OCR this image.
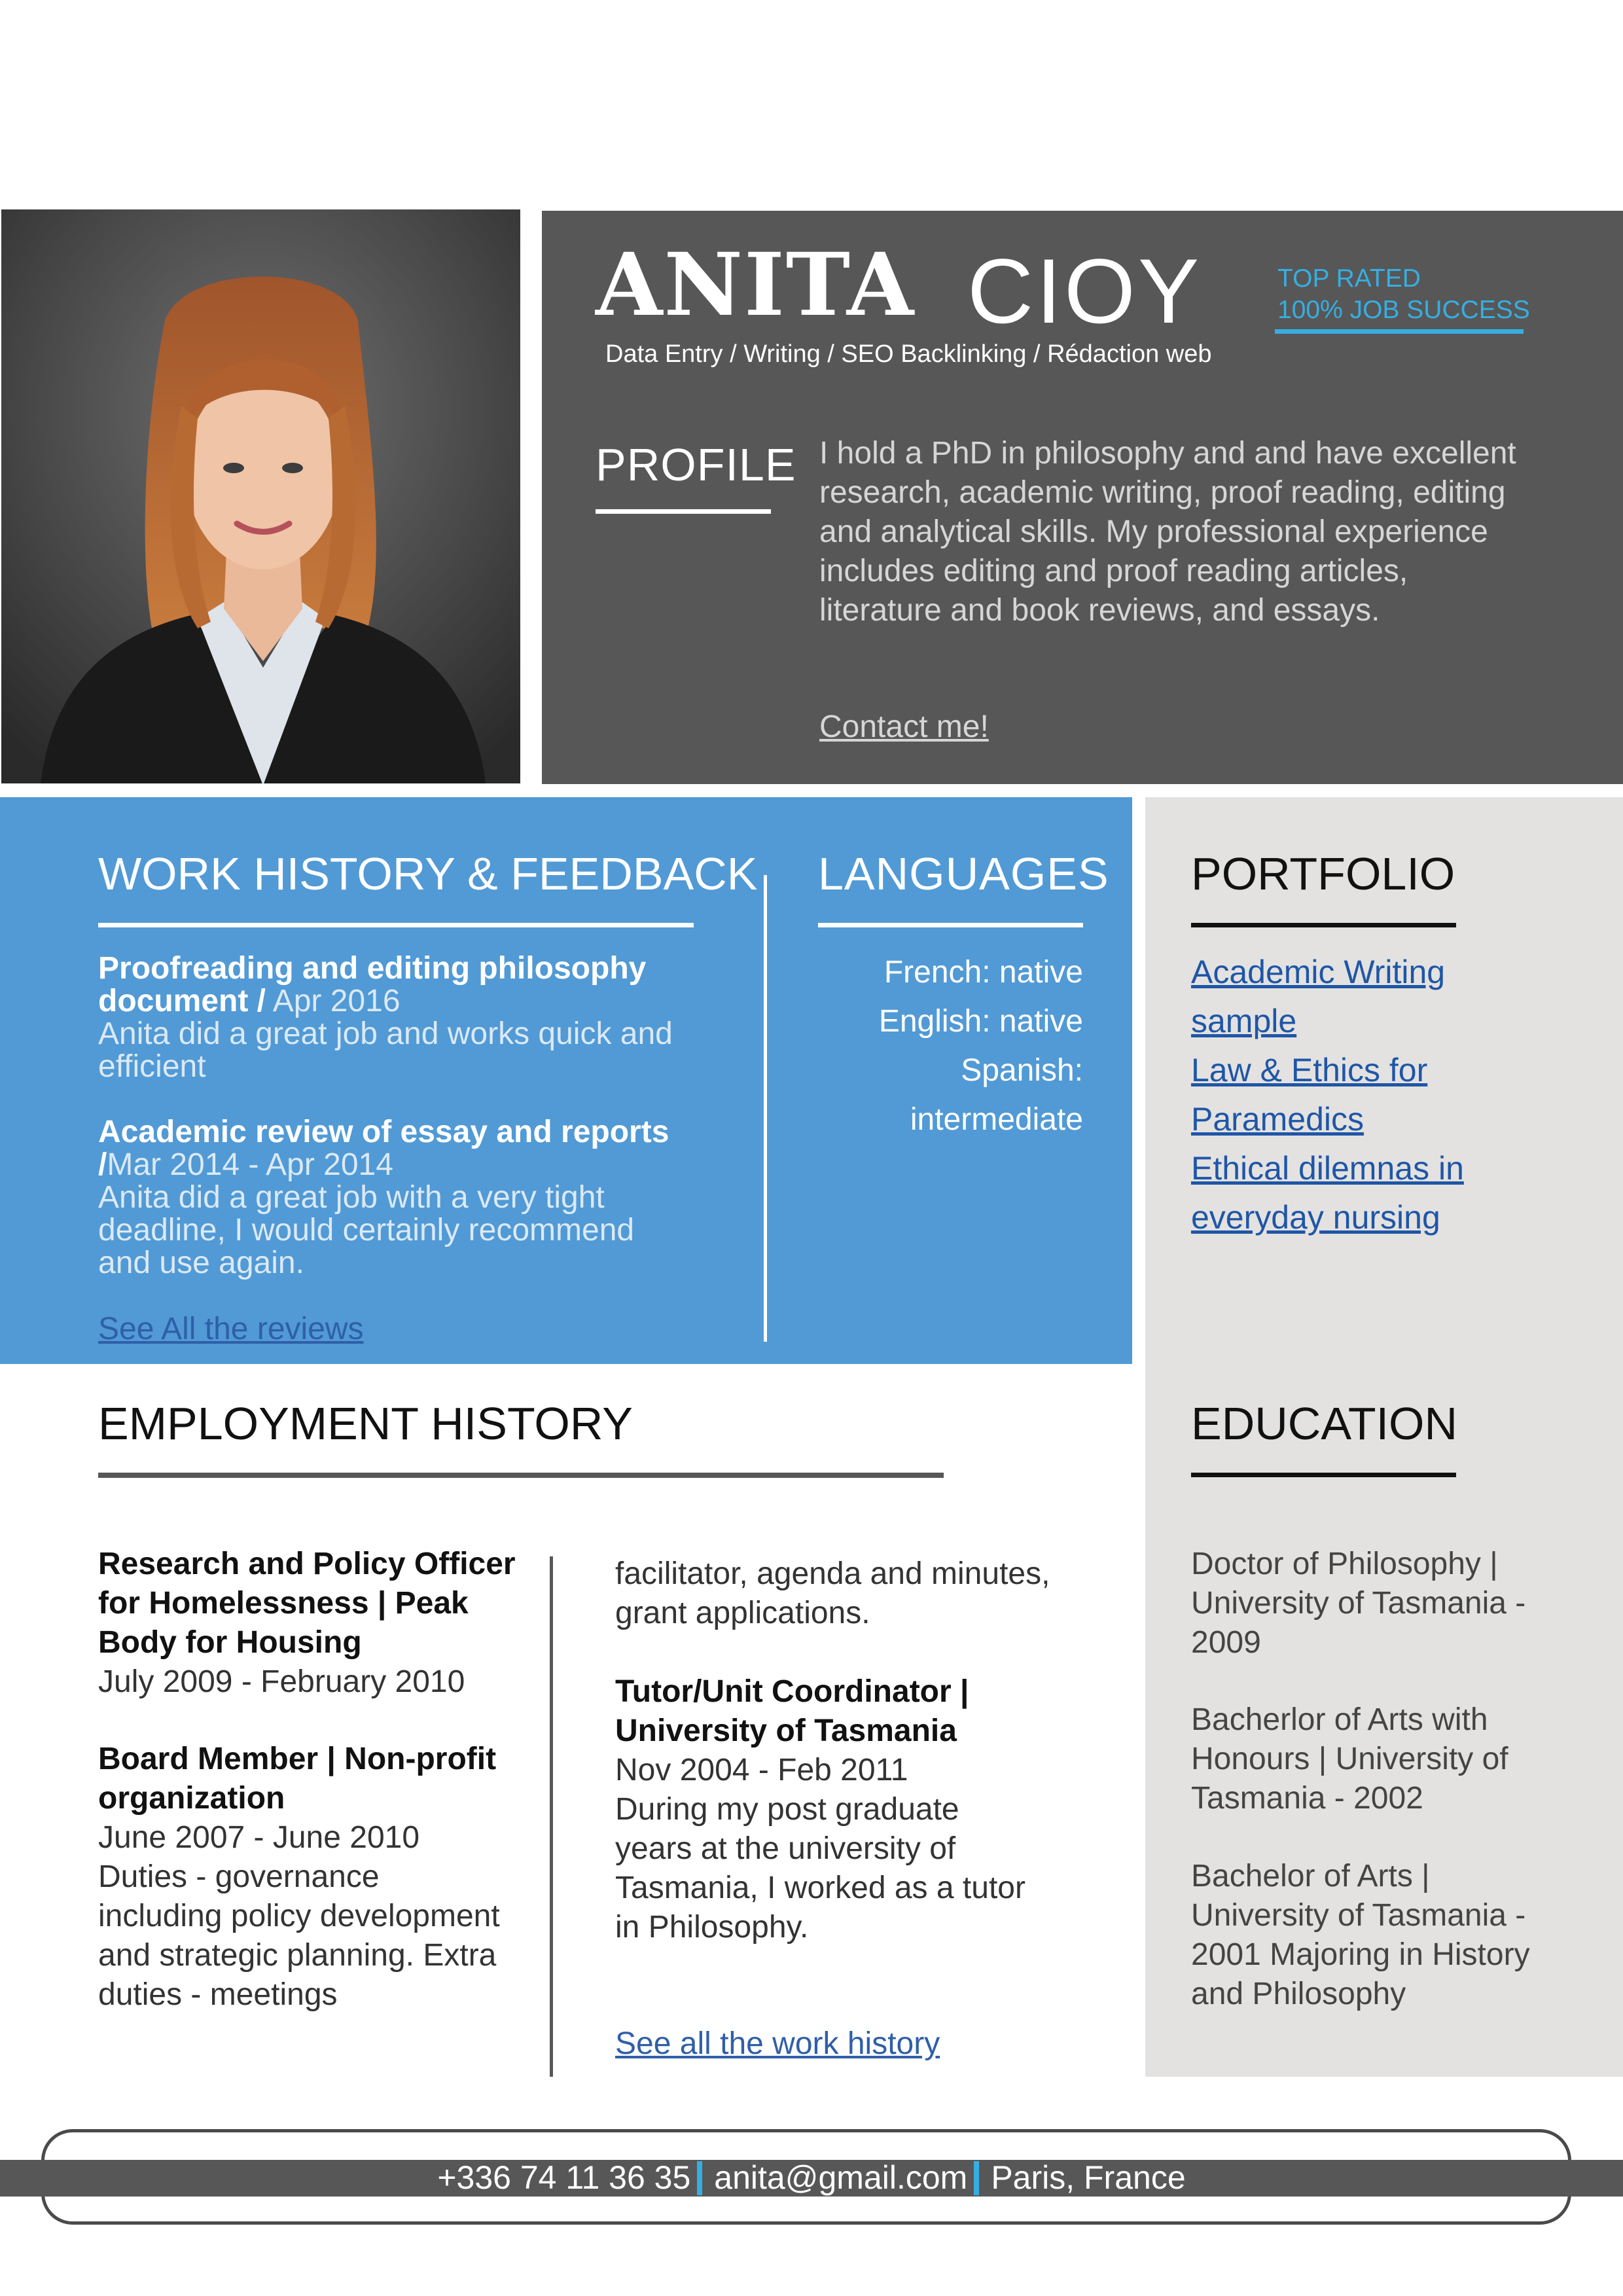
ANITA CIOY
Data Entry / Writing / SEO Backlinking / Rédaction web
TOP RATED
100% JOB SUCCESS
PROFILE I hold a PhD in philosophy and and have excellent research, academic writing, proof reading, editing and analytical skills. My professional experience includes editing and proof reading articles, literature and book reviews, and essays.
Contact me!
WORK HISTORY & FEEDBACK
Proofreading and editing philosophy document / Apr 2016
Anita did a great job and works quick and efficient
Academic review of essay and reports /Mar 2014 - Apr 2014
Anita did a great job with a very tight deadline, I would certainly recommend and use again.
See All the reviews
LANGUAGES
French: native
English: native
Spanish:
intermediate
PORTFOLIO
Academic Writing
sample
Law & Ethics for
Paramedics
Ethical dilemnas in
everyday nursing
EDUCATION
Doctor of Philosophy | University of Tasmania - 2009
Bacherlor of Arts with Honours | University of Tasmania - 2002
Bachelor of Arts | University of Tasmania - 2001 Majoring in History and Philosophy
EMPLOYMENT HISTORY
Research and Policy Officer for Homelessness | Peak Body for Housing
July 2009 - February 2010
Board Member | Non-profit organization
June 2007 - June 2010
Duties - governance including policy development and strategic planning. Extra duties - meetings
facilitator, agenda and minutes, grant applications.
Tutor/Unit Coordinator | University of Tasmania
Nov 2004 - Feb 2011
During my post graduate years at the university of Tasmania, I worked as a tutor in Philosophy.
See all the work history
+336 74 11 36 35 anita@gmail.com Paris, France
